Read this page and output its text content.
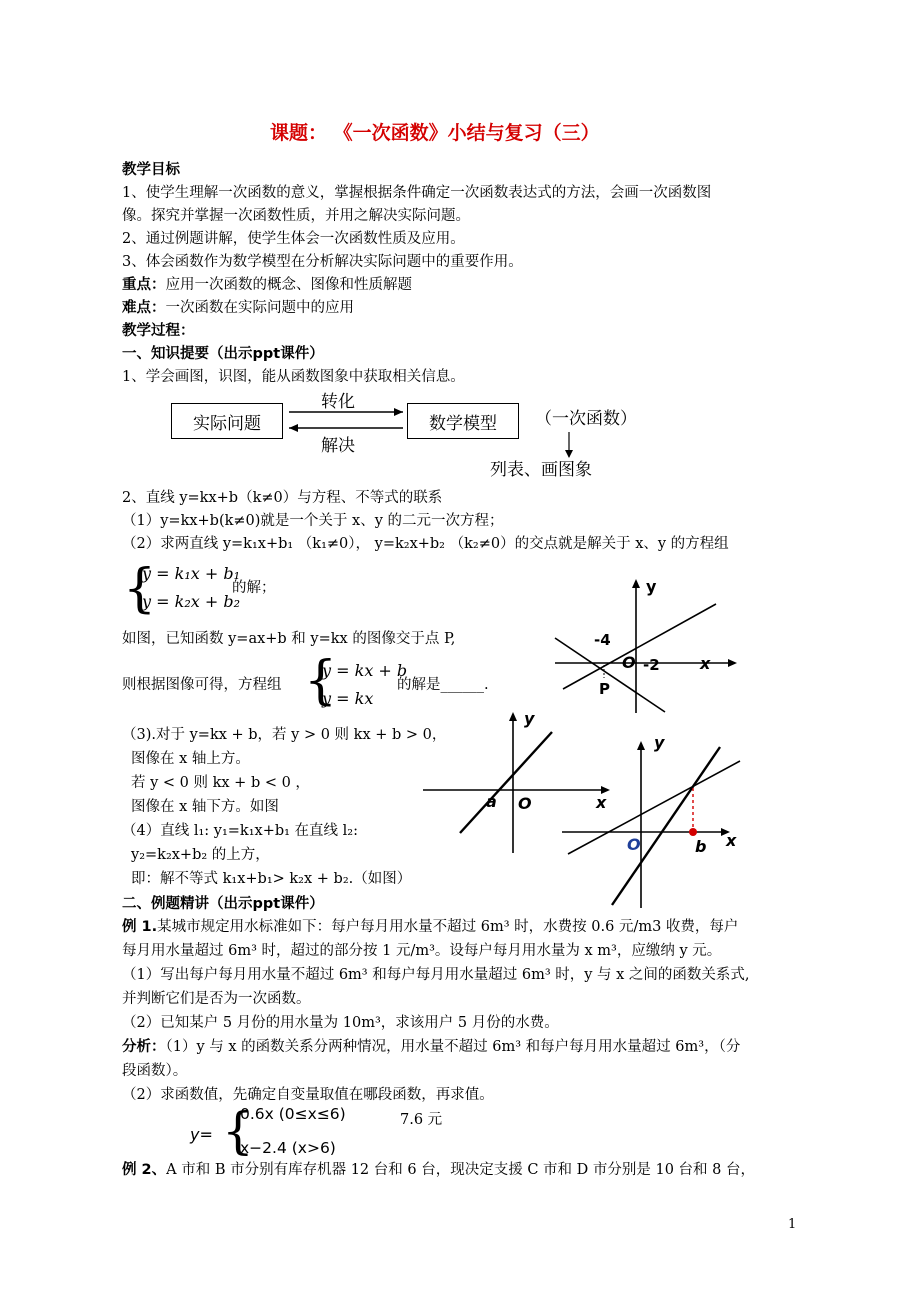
课题： 《一次函数》小结与复习（三）
教学目标
1、使学生理解一次函数的意义，掌握根据条件确定一次函数表达式的方法，会画一次函数图
像。探究并掌握一次函数性质，并用之解决实际问题。
2、通过例题讲解，使学生体会一次函数性质及应用。
3、体会函数作为数学模型在分析解决实际问题中的重要作用。
重点：应用一次函数的概念、图像和性质解题
难点：一次函数在实际问题中的应用
教学过程：
一、知识提要（出示ppt课件）
1、学会画图，识图，能从函数图象中获取相关信息。
实际问题	数学模型
转化
解决
（一次函数）
列表、画图象
2、直线 y=kx+b（k≠0）与方程、不等式的联系
（1）y=kx+b(k≠0)就是一个关于 x、y 的二元一次方程；
（2）求两直线 y=k₁x+b₁ （k₁≠0）， y=k₂x+b₂ （k₂≠0）的交点就是解关于 x、y 的方程组
{
y = k₁x + b₁
y = k₂x + b₂
的解；
如图，已知函数 y=ax+b 和 y=kx 的图像交于点 P,
则根据图像可得，方程组 {
y = kx + b
y = kx
的解是______.
（3).对于 y=kx + b，若 y > 0 则 kx + b > 0，
图像在 x 轴上方。
若 y < 0 则 kx + b < 0 ，
图像在 x 轴下方。如图
（4）直线 l₁: y₁=k₁x+b₁ 在直线 l₂:
y₂=k₂x+b₂ 的上方，
即：解不等式 k₁x+b₁> k₂x + b₂.（如图）
y
x
O
-4
-2
P
y
x
O
a
y
x
O	b
二、例题精讲（出示ppt课件）
例 1.某城市规定用水标准如下：每户每月用水量不超过 6m³ 时，水费按 0.6 元/m3 收费，每户
每月用水量超过 6m³ 时，超过的部分按 1 元/m³。设每户每月用水量为 x m³，应缴纳 y 元。
（1）写出每户每月用水量不超过 6m³ 和每户每月用水量超过 6m³ 时，y 与 x 之间的函数关系式,
并判断它们是否为一次函数。
（2）已知某户 5 月份的用水量为 10m³，求该用户 5 月份的水费。
分析：（1）y 与 x 的函数关系分两种情况，用水量不超过 6m³ 和每户每月用水量超过 6m³，（分
段函数）。
（2）求函数值，先确定自变量取值在哪段函数，再求值。
y= {
0.6x (0≤x≤6)
x−2.4 (x>6)
7.6 元
例 2、A 市和 B 市分别有库存机器 12 台和 6 台，现决定支援 C 市和 D 市分别是 10 台和 8 台，
1
